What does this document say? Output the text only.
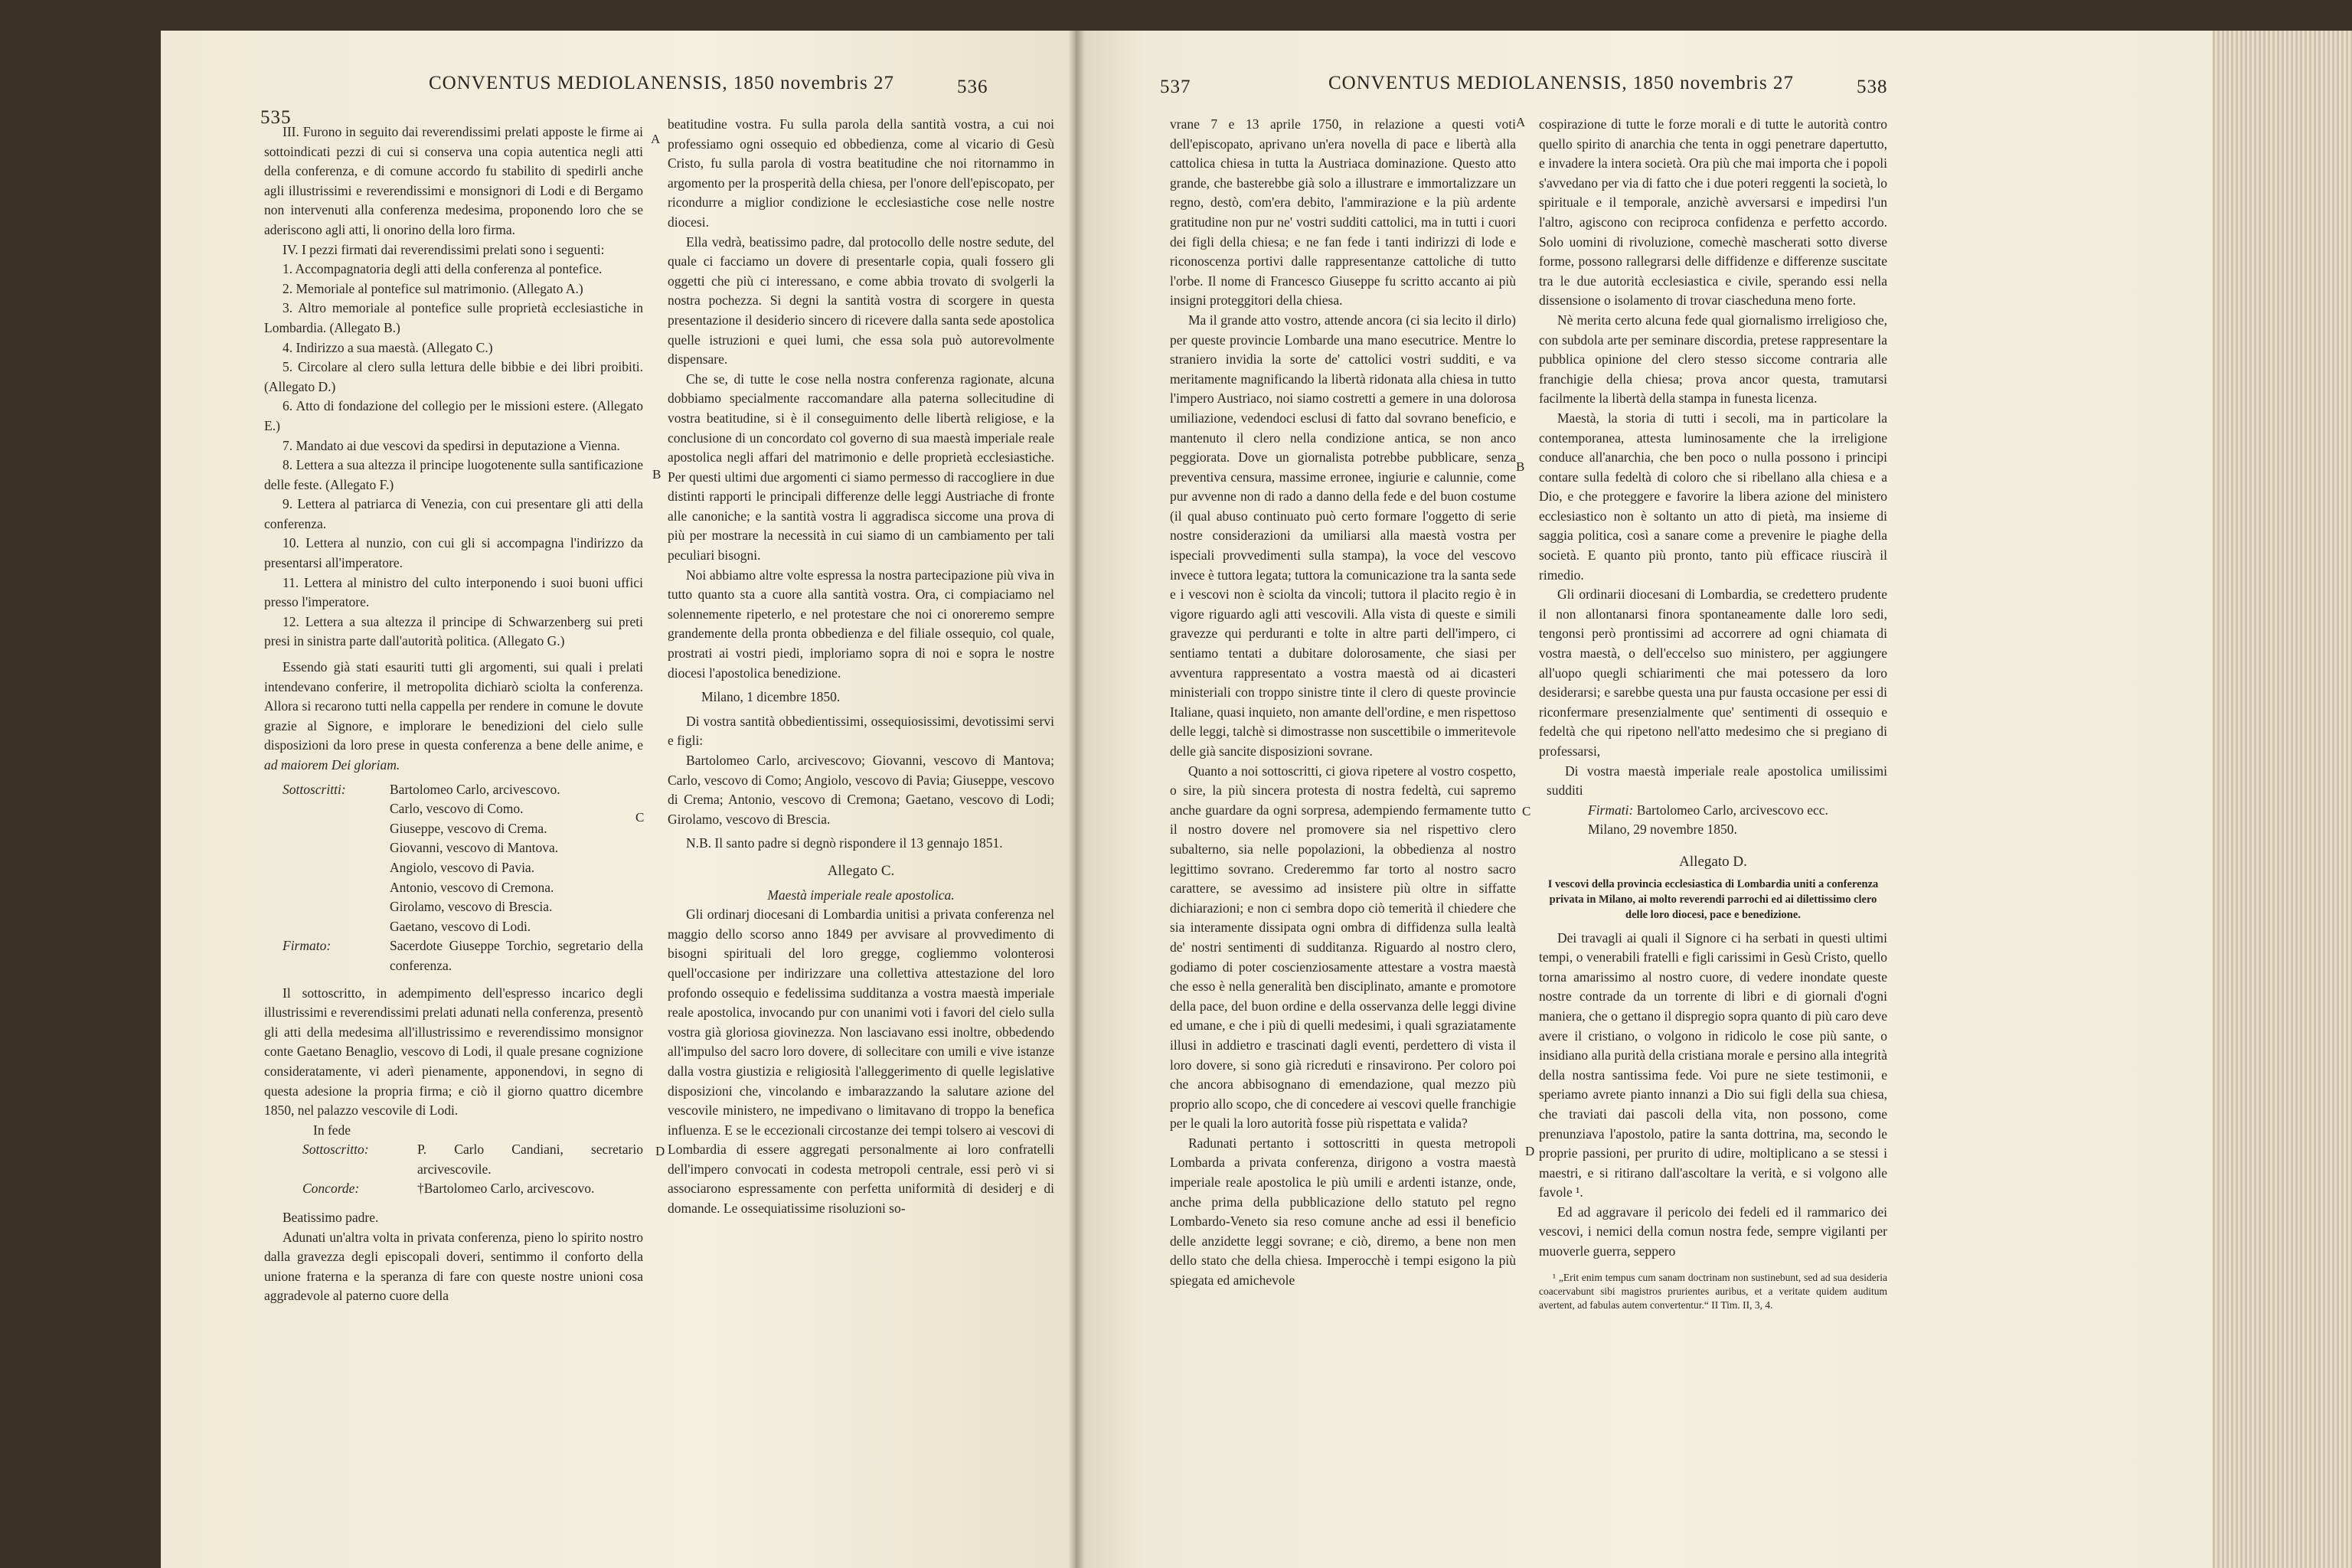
CONVENTUS MEDIOLANENSIS, 1850 novembris 27
535
536	CONVENTUS MEDIOLANENSIS, 1850 novembris 27
537	538
A
B
C
D
A
B
C
D

III. Furono in seguito dai reverendissimi prelati apposte le firme ai sottoindicati pezzi di cui si conserva una copia autentica negli atti della conferenza, e di comune accordo fu stabilito di spedirli anche agli illustrissimi e reverendissimi e monsignori di Lodi e di Bergamo non intervenuti alla conferenza medesima, proponendo loro che se aderiscono agli atti, li onorino della loro firma.

IV. I pezzi firmati dai reverendissimi prelati sono i seguenti:

1. Accompagnatoria degli atti della conferenza al pontefice.

2. Memoriale al pontefice sul matrimonio. (Allegato A.)

3. Altro memoriale al pontefice sulle proprietà ecclesiastiche in Lombardia. (Allegato B.)

4. Indirizzo a sua maestà. (Allegato C.)

5. Circolare al clero sulla lettura delle bibbie e dei libri proibiti. (Allegato D.)

6. Atto di fondazione del collegio per le missioni estere. (Allegato E.)

7. Mandato ai due vescovi da spedirsi in deputazione a Vienna.

8. Lettera a sua altezza il principe luogotenente sulla santificazione delle feste. (Allegato F.)

9. Lettera al patriarca di Venezia, con cui presentare gli atti della conferenza.

10. Lettera al nunzio, con cui gli si accompagna l'indirizzo da presentarsi all'imperatore.

11. Lettera al ministro del culto interponendo i suoi buoni uffici presso l'imperatore.

12. Lettera a sua altezza il principe di Schwarzenberg sui preti presi in sinistra parte dall'autorità politica. (Allegato G.)

Essendo già stati esauriti tutti gli argomenti, sui quali i prelati intendevano conferire, il metropolita dichiarò sciolta la conferenza. Allora si recarono tutti nella cappella per rendere in comune le dovute grazie al Signore, e implorare le benedizioni del cielo sulle disposizioni da loro prese in questa conferenza a bene delle anime, e ad maiorem Dei gloriam.

Sottoscritti:	Bartolomeo Carlo, arcivescovo.
Carlo, vescovo di Como.
Giuseppe, vescovo di Crema.
Giovanni, vescovo di Mantova.
Angiolo, vescovo di Pavia.
Antonio, vescovo di Cremona.
Girolamo, vescovo di Brescia.
Gaetano, vescovo di Lodi.
Firmato:	Sacerdote Giuseppe Torchio, segretario della conferenza.

Il sottoscritto, in adempimento dell'espresso incarico degli illustrissimi e reverendissimi prelati adunati nella conferenza, presentò gli atti della medesima all'illustrissimo e reverendissimo monsignor conte Gaetano Benaglio, vescovo di Lodi, il quale presane cognizione consideratamente, vi aderì pienamente, apponendovi, in segno di questa adesione la propria firma; e ciò il giorno quattro dicembre 1850, nel palazzo vescovile di Lodi.

In fede

Sottoscritto:	P. Carlo Candiani, secretario arcivescovile.
Concorde:	†Bartolomeo Carlo, arcivescovo.

Beatissimo padre.

Adunati un'altra volta in privata conferenza, pieno lo spirito nostro dalla gravezza degli episcopali doveri, sentimmo il conforto della unione fraterna e la speranza di fare con queste nostre unioni cosa aggradevole al paterno cuore della

beatitudine vostra. Fu sulla parola della santità vostra, a cui noi professiamo ogni ossequio ed obbedienza, come al vicario di Gesù Cristo, fu sulla parola di vostra beatitudine che noi ritornammo in argomento per la prosperità della chiesa, per l'onore dell'episcopato, per ricondurre a miglior condizione le ecclesiastiche cose nelle nostre diocesi.

Ella vedrà, beatissimo padre, dal protocollo delle nostre sedute, del quale ci facciamo un dovere di presentarle copia, quali fossero gli oggetti che più ci interessano, e come abbia trovato di svolgerli la nostra pochezza. Si degni la santità vostra di scorgere in questa presentazione il desiderio sincero di ricevere dalla santa sede apostolica quelle istruzioni e quei lumi, che essa sola può autorevolmente dispensare.

Che se, di tutte le cose nella nostra conferenza ragionate, alcuna dobbiamo specialmente raccomandare alla paterna sollecitudine di vostra beatitudine, si è il conseguimento delle libertà religiose, e la conclusione di un concordato col governo di sua maestà imperiale reale apostolica negli affari del matrimonio e delle proprietà ecclesiastiche. Per questi ultimi due argomenti ci siamo permesso di raccogliere in due distinti rapporti le principali differenze delle leggi Austriache di fronte alle canoniche; e la santità vostra li aggradisca siccome una prova di più per mostrare la necessità in cui siamo di un cambiamento per tali peculiari bisogni.

Noi abbiamo altre volte espressa la nostra partecipazione più viva in tutto quanto sta a cuore alla santità vostra. Ora, ci compiaciamo nel solennemente ripeterlo, e nel protestare che noi ci onoreremo sempre grandemente della pronta obbedienza e del filiale ossequio, col quale, prostrati ai vostri piedi, imploriamo sopra di noi e sopra le nostre diocesi l'apostolica benedizione.

Milano, 1 dicembre 1850.

Di vostra santità obbedientissimi, ossequiosissimi, devotissimi servi e figli:

Bartolomeo Carlo, arcivescovo; Giovanni, vescovo di Mantova; Carlo, vescovo di Como; Angiolo, vescovo di Pavia; Giuseppe, vescovo di Crema; Antonio, vescovo di Cremona; Gaetano, vescovo di Lodi; Girolamo, vescovo di Brescia.

N.B. Il santo padre si degnò rispondere il 13 gennajo 1851.

Allegato C.

Maestà imperiale reale apostolica.

Gli ordinarj diocesani di Lombardia unitisi a privata conferenza nel maggio dello scorso anno 1849 per avvisare al provvedimento di bisogni spirituali del loro gregge, cogliemmo volonterosi quell'occasione per indirizzare una collettiva attestazione del loro profondo ossequio e fedelissima sudditanza a vostra maestà imperiale reale apostolica, invocando pur con unanimi voti i favori del cielo sulla vostra già gloriosa giovinezza. Non lasciavano essi inoltre, obbedendo all'impulso del sacro loro dovere, di sollecitare con umili e vive istanze dalla vostra giustizia e religiosità l'alleggerimento di quelle legislative disposizioni che, vincolando e imbarazzando la salutare azione del vescovile ministero, ne impedivano o limitavano di troppo la benefica influenza. E se le eccezionali circostanze dei tempi tolsero ai vescovi di Lombardia di essere aggregati personalmente ai loro confratelli dell'impero convocati in codesta metropoli centrale, essi però vi si associarono espressamente con perfetta uniformità di desiderj e di domande. Le ossequiatissime risoluzioni so-

vrane 7 e 13 aprile 1750, in relazione a questi voti dell'episcopato, aprivano un'era novella di pace e libertà alla cattolica chiesa in tutta la Austriaca dominazione. Questo atto grande, che basterebbe già solo a illustrare e immortalizzare un regno, destò, com'era debito, l'ammirazione e la più ardente gratitudine non pur ne' vostri sudditi cattolici, ma in tutti i cuori dei figli della chiesa; e ne fan fede i tanti indirizzi di lode e riconoscenza portivi dalle rappresentanze cattoliche di tutto l'orbe. Il nome di Francesco Giuseppe fu scritto accanto ai più insigni proteggitori della chiesa.

Ma il grande atto vostro, attende ancora (ci sia lecito il dirlo) per queste provincie Lombarde una mano esecutrice. Mentre lo straniero invidia la sorte de' cattolici vostri sudditi, e va meritamente magnificando la libertà ridonata alla chiesa in tutto l'impero Austriaco, noi siamo costretti a gemere in una dolorosa umiliazione, vedendoci esclusi di fatto dal sovrano beneficio, e mantenuto il clero nella condizione antica, se non anco peggiorata. Dove un giornalista potrebbe pubblicare, senza preventiva censura, massime erronee, ingiurie e calunnie, come pur avvenne non di rado a danno della fede e del buon costume (il qual abuso continuato può certo formare l'oggetto di serie nostre considerazioni da umiliarsi alla maestà vostra per ispeciali provvedimenti sulla stampa), la voce del vescovo invece è tuttora legata; tuttora la comunicazione tra la santa sede e i vescovi non è sciolta da vincoli; tuttora il placito regio è in vigore riguardo agli atti vescovili. Alla vista di queste e simili gravezze qui perduranti e tolte in altre parti dell'impero, ci sentiamo tentati a dubitare dolorosamente, che siasi per avventura rappresentato a vostra maestà od ai dicasteri ministeriali con troppo sinistre tinte il clero di queste provincie Italiane, quasi inquieto, non amante dell'ordine, e men rispettoso delle leggi, talchè si dimostrasse non suscettibile o immeritevole delle già sancite disposizioni sovrane.

Quanto a noi sottoscritti, ci giova ripetere al vostro cospetto, o sire, la più sincera protesta di nostra fedeltà, cui sapremo anche guardare da ogni sorpresa, adempiendo fermamente tutto il nostro dovere nel promovere sia nel rispettivo clero subalterno, sia nelle popolazioni, la obbedienza al nostro legittimo sovrano. Crederemmo far torto al nostro sacro carattere, se avessimo ad insistere più oltre in siffatte dichiarazioni; e non ci sembra dopo ciò temerità il chiedere che sia interamente dissipata ogni ombra di diffidenza sulla lealtà de' nostri sentimenti di sudditanza. Riguardo al nostro clero, godiamo di poter coscienziosamente attestare a vostra maestà che esso è nella generalità ben disciplinato, amante e promotore della pace, del buon ordine e della osservanza delle leggi divine ed umane, e che i più di quelli medesimi, i quali sgraziatamente illusi in addietro e trascinati dagli eventi, perdettero di vista il loro dovere, si sono già ricreduti e rinsavirono. Per coloro poi che ancora abbisognano di emendazione, qual mezzo più proprio allo scopo, che di concedere ai vescovi quelle franchigie per le quali la loro autorità fosse più rispettata e valida?

Radunati pertanto i sottoscritti in questa metropoli Lombarda a privata conferenza, dirigono a vostra maestà imperiale reale apostolica le più umili e ardenti istanze, onde, anche prima della pubblicazione dello statuto pel regno Lombardo-Veneto sia reso comune anche ad essi il beneficio delle anzidette leggi sovrane; e ciò, diremo, a bene non men dello stato che della chiesa. Imperocchè i tempi esigono la più spiegata ed amichevole

cospirazione di tutte le forze morali e di tutte le autorità contro quello spirito di anarchia che tenta in oggi penetrare dapertutto, e invadere la intera società. Ora più che mai importa che i popoli s'avvedano per via di fatto che i due poteri reggenti la società, lo spirituale e il temporale, anzichè avversarsi e impedirsi l'un l'altro, agiscono con reciproca confidenza e perfetto accordo. Solo uomini di rivoluzione, comechè mascherati sotto diverse forme, possono rallegrarsi delle diffidenze e differenze suscitate tra le due autorità ecclesiastica e civile, sperando essi nella dissensione o isolamento di trovar ciascheduna meno forte.

Nè merita certo alcuna fede qual giornalismo irreligioso che, con subdola arte per seminare discordia, pretese rappresentare la pubblica opinione del clero stesso siccome contraria alle franchigie della chiesa; prova ancor questa, tramutarsi facilmente la libertà della stampa in funesta licenza.

Maestà, la storia di tutti i secoli, ma in particolare la contemporanea, attesta luminosamente che la irreligione conduce all'anarchia, che ben poco o nulla possono i principi contare sulla fedeltà di coloro che si ribellano alla chiesa e a Dio, e che proteggere e favorire la libera azione del ministero ecclesiastico non è soltanto un atto di pietà, ma insieme di saggia politica, così a sanare come a prevenire le piaghe della società. E quanto più pronto, tanto più efficace riuscirà il rimedio.

Gli ordinarii diocesani di Lombardia, se credettero prudente il non allontanarsi finora spontaneamente dalle loro sedi, tengonsi però prontissimi ad accorrere ad ogni chiamata di vostra maestà, o dell'eccelso suo ministero, per aggiungere all'uopo quegli schiarimenti che mai potessero da loro desiderarsi; e sarebbe questa una pur fausta occasione per essi di riconfermare presenzialmente que' sentimenti di ossequio e fedeltà che qui ripetono nell'atto medesimo che si pregiano di professarsi,

Di vostra maestà imperiale reale apostolica umilissimi sudditi

Firmati: Bartolomeo Carlo, arcivescovo ecc.

Milano, 29 novembre 1850.

Allegato D.

I vescovi della provincia ecclesiastica di Lombardia uniti a conferenza privata in Milano, ai molto reverendi parrochi ed ai dilettissimo clero delle loro diocesi, pace e benedizione.

Dei travagli ai quali il Signore ci ha serbati in questi ultimi tempi, o venerabili fratelli e figli carissimi in Gesù Cristo, quello torna amarissimo al nostro cuore, di vedere inondate queste nostre contrade da un torrente di libri e di giornali d'ogni maniera, che o gettano il dispregio sopra quanto di più caro deve avere il cristiano, o volgono in ridicolo le cose più sante, o insidiano alla purità della cristiana morale e persino alla integrità della nostra santissima fede. Voi pure ne siete testimonii, e speriamo avrete pianto innanzi a Dio sui figli della sua chiesa, che traviati dai pascoli della vita, non possono, come prenunziava l'apostolo, patire la santa dottrina, ma, secondo le proprie passioni, per prurito di udire, moltiplicano a se stessi i maestri, e si ritirano dall'ascoltare la verità, e si volgono alle favole ¹.

Ed ad aggravare il pericolo dei fedeli ed il rammarico dei vescovi, i nemici della comun nostra fede, sempre vigilanti per muoverle guerra, seppero

¹ „Erit enim tempus cum sanam doctrinam non sustinebunt, sed ad sua desideria coacervabunt sibi magistros prurientes auribus, et a veritate quidem auditum avertent, ad fabulas autem convertentur.“ II Tim. II, 3, 4.
